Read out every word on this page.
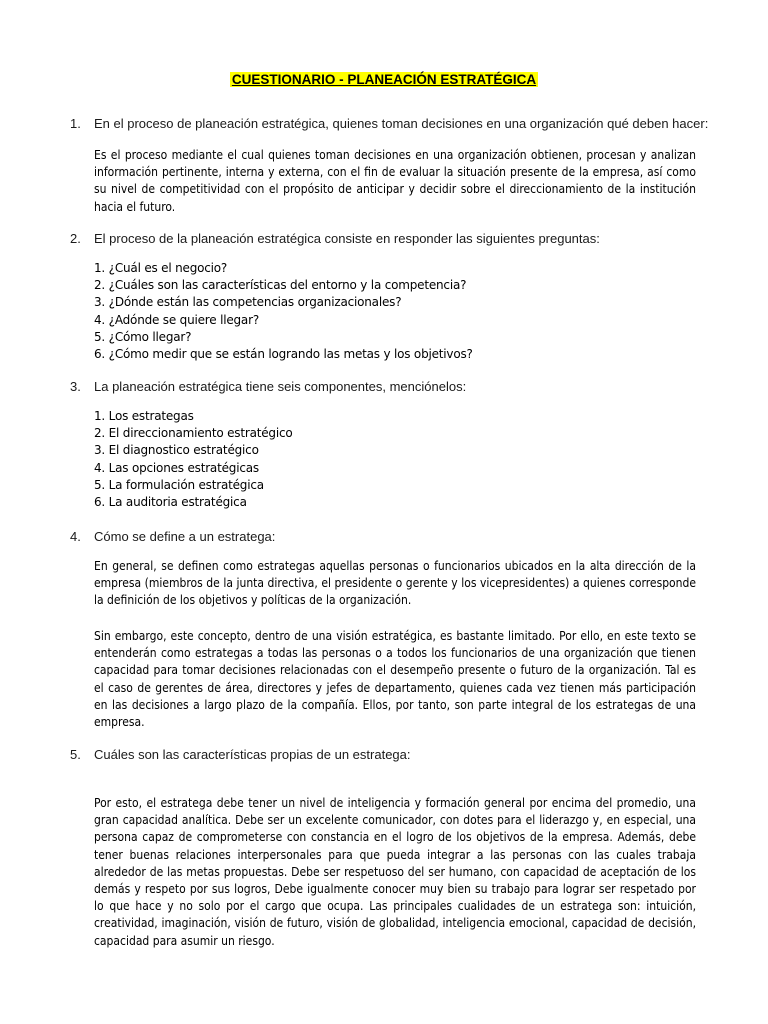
CUESTIONARIO - PLANEACIÓN ESTRATÉGICA
1. En el proceso de planeación estratégica, quienes toman decisiones en una organización qué deben hacer:
Es el proceso mediante el cual quienes toman decisiones en una organización obtienen, procesan y analizan información pertinente, interna y externa, con el fin de evaluar la situación presente de la empresa, así como su nivel de competitividad con el propósito de anticipar y decidir sobre el direccionamiento de la institución hacia el futuro.
2. El proceso de la planeación estratégica consiste en responder las siguientes preguntas:
1. ¿Cuál es el negocio?
2. ¿Cuáles son las características del entorno y la competencia?
3. ¿Dónde están las competencias organizacionales?
4. ¿Adónde se quiere llegar?
5. ¿Cómo llegar?
6. ¿Cómo medir que se están logrando las metas y los objetivos?
3. La planeación estratégica tiene seis componentes, menciónelos:
1. Los estrategas
2. El direccionamiento estratégico
3. El diagnostico estratégico
4. Las opciones estratégicas
5. La formulación estratégica
6. La auditoria estratégica
4. Cómo se define a un estratega:
En general, se definen como estrategas aquellas personas o funcionarios ubicados en la alta dirección de la empresa (miembros de la junta directiva, el presidente o gerente y los vicepresidentes) a quienes corresponde la definición de los objetivos y políticas de la organización.
Sin embargo, este concepto, dentro de una visión estratégica, es bastante limitado. Por ello, en este texto se entenderán como estrategas a todas las personas o a todos los funcionarios de una organización que tienen capacidad para tomar decisiones relacionadas con el desempeño presente o futuro de la organización. Tal es el caso de gerentes de área, directores y jefes de departamento, quienes cada vez tienen más participación en las decisiones a largo plazo de la compañía. Ellos, por tanto, son parte integral de los estrategas de una empresa.
5. Cuáles son las características propias de un estratega:
Por esto, el estratega debe tener un nivel de inteligencia y formación general por encima del promedio, una gran capacidad analítica. Debe ser un excelente comunicador, con dotes para el liderazgo y, en especial, una persona capaz de comprometerse con constancia en el logro de los objetivos de la empresa. Además, debe tener buenas relaciones interpersonales para que pueda integrar a las personas con las cuales trabaja alrededor de las metas propuestas. Debe ser respetuoso del ser humano, con capacidad de aceptación de los demás y respeto por sus logros, Debe igualmente conocer muy bien su trabajo para lograr ser respetado por lo que hace y no solo por el cargo que ocupa. Las principales cualidades de un estratega son: intuición, creatividad, imaginación, visión de futuro, visión de globalidad, inteligencia emocional, capacidad de decisión, capacidad para asumir un riesgo.
